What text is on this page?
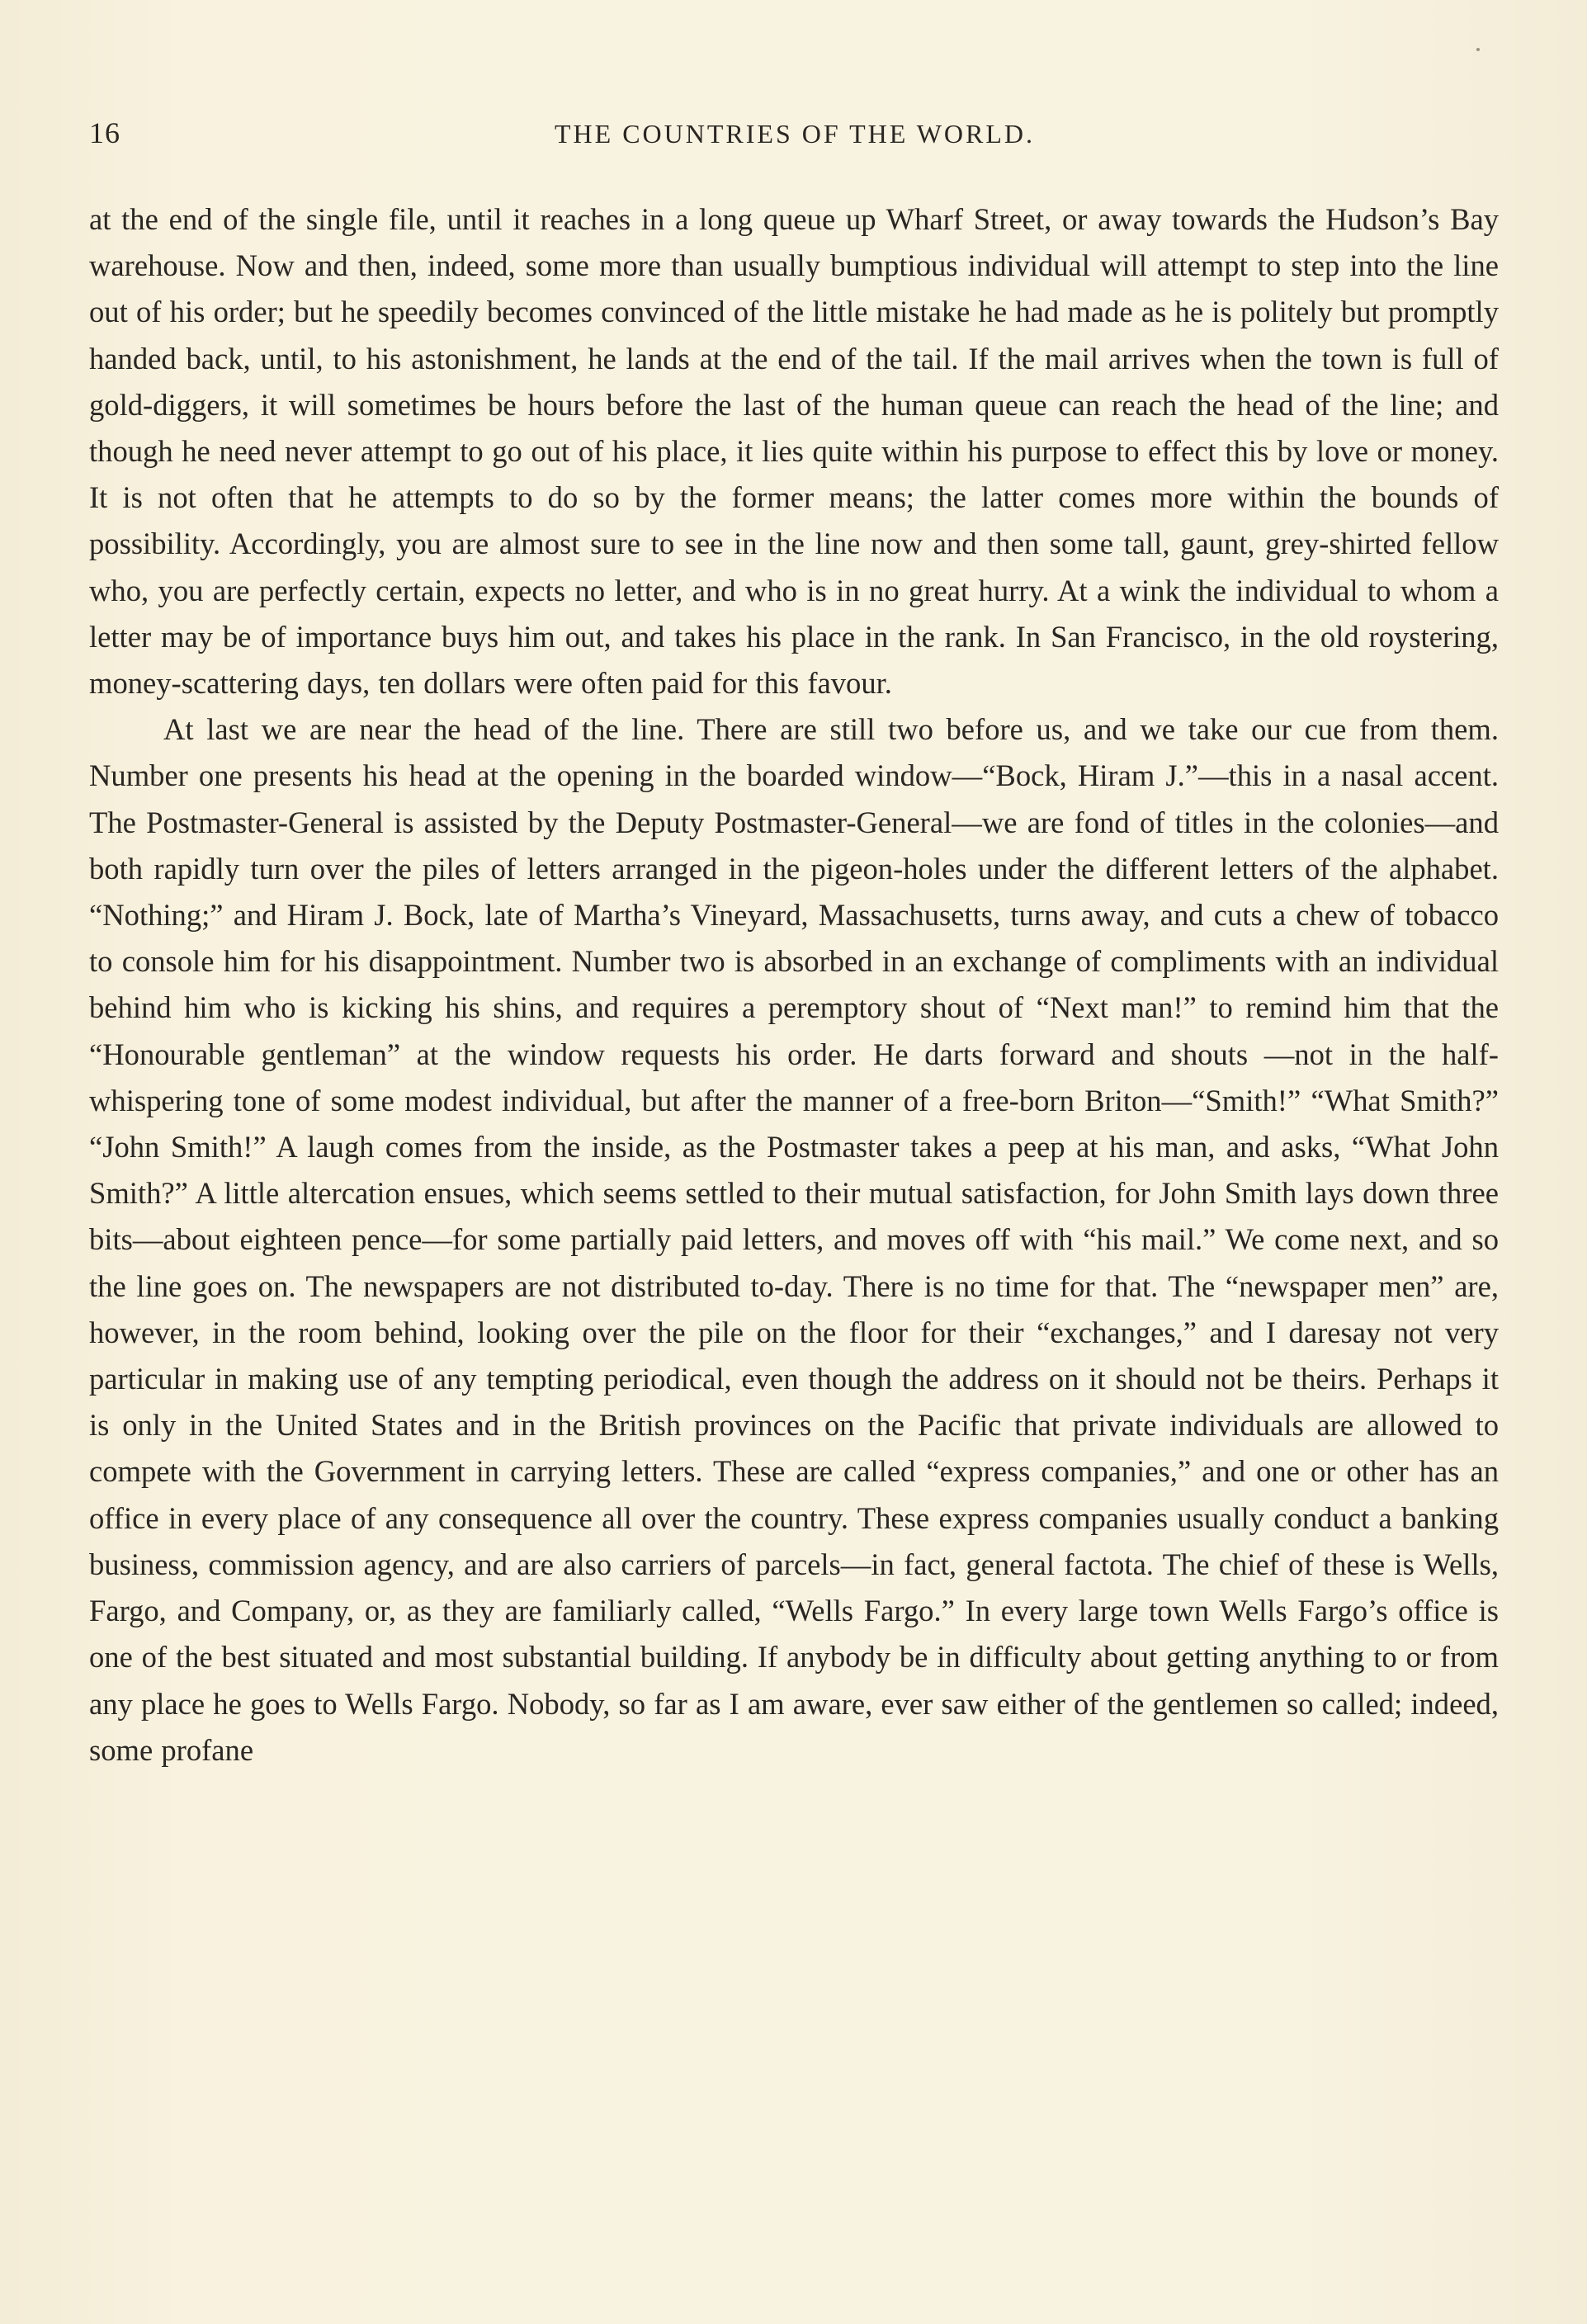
16	THE COUNTRIES OF THE WORLD.

at the end of the single file, until it reaches in a long queue up Wharf Street, or away towards the Hudson’s Bay warehouse. Now and then, indeed, some more than usually bumptious individual will attempt to step into the line out of his order; but he speedily becomes convinced of the little mistake he had made as he is politely but promptly handed back, until, to his astonishment, he lands at the end of the tail. If the mail arrives when the town is full of gold-diggers, it will sometimes be hours before the last of the human queue can reach the head of the line; and though he need never attempt to go out of his place, it lies quite within his purpose to effect this by love or money. It is not often that he attempts to do so by the former means; the latter comes more within the bounds of possibility. Accordingly, you are almost sure to see in the line now and then some tall, gaunt, grey-shirted fellow who, you are perfectly certain, expects no letter, and who is in no great hurry. At a wink the individual to whom a letter may be of importance buys him out, and takes his place in the rank. In San Francisco, in the old roystering, money-scattering days, ten dollars were often paid for this favour.

At last we are near the head of the line. There are still two before us, and we take our cue from them. Number one presents his head at the opening in the boarded window—“Bock, Hiram J.”—this in a nasal accent. The Postmaster-General is assisted by the Deputy Postmaster-General—we are fond of titles in the colonies—and both rapidly turn over the piles of letters arranged in the pigeon-holes under the different letters of the alphabet. “Nothing;” and Hiram J. Bock, late of Martha’s Vineyard, Massachusetts, turns away, and cuts a chew of tobacco to console him for his disappointment. Number two is absorbed in an exchange of compliments with an individual behind him who is kicking his shins, and requires a peremptory shout of “Next man!” to remind him that the “Honourable gentleman” at the window requests his order. He darts forward and shouts —not in the half-whispering tone of some modest individual, but after the manner of a free-born Briton—“Smith!” “What Smith?” “John Smith!” A laugh comes from the inside, as the Postmaster takes a peep at his man, and asks, “What John Smith?” A little altercation ensues, which seems settled to their mutual satisfaction, for John Smith lays down three bits—about eighteen pence—for some partially paid letters, and moves off with “his mail.” We come next, and so the line goes on. The newspapers are not distributed to-day. There is no time for that. The “newspaper men” are, however, in the room behind, looking over the pile on the floor for their “exchanges,” and I daresay not very particular in making use of any tempting periodical, even though the address on it should not be theirs. Perhaps it is only in the United States and in the British provinces on the Pacific that private individuals are allowed to compete with the Government in carrying letters. These are called “express companies,” and one or other has an office in every place of any consequence all over the country. These express companies usually conduct a banking business, commission agency, and are also carriers of parcels—in fact, general factota. The chief of these is Wells, Fargo, and Company, or, as they are familiarly called, “Wells Fargo.” In every large town Wells Fargo’s office is one of the best situated and most substantial building. If anybody be in difficulty about getting anything to or from any place he goes to Wells Fargo. Nobody, so far as I am aware, ever saw either of the gentlemen so called; indeed, some profane
